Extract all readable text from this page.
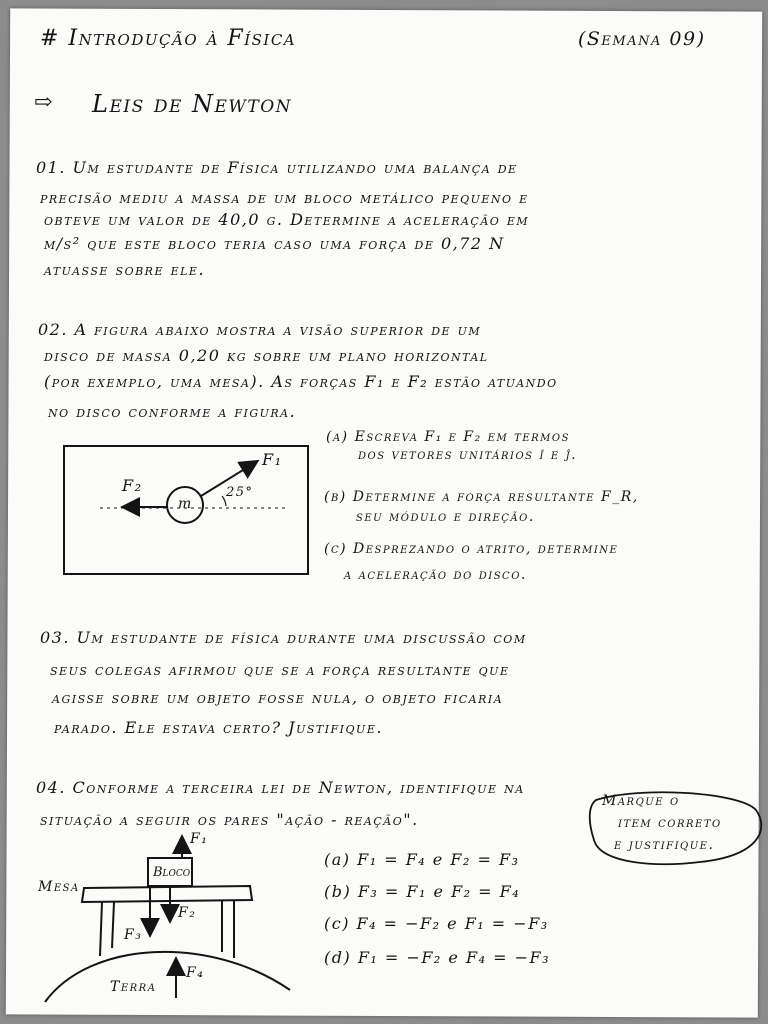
# Introdução à Física	(Semana 09)
⇨ Leis de Newton
01. Um estudante de Física utilizando uma balança de
precisão mediu a massa de um bloco metálico pequeno e
obteve um valor de 40,0 g. Determine a aceleração em
m/s² que este bloco teria caso uma força de 0,72 N
atuasse sobre ele.
02. A figura abaixo mostra a visão superior de um
disco de massa 0,20 kg sobre um plano horizontal
(por exemplo, uma mesa). As forças F₁ e F₂ estão atuando
no disco conforme a figura.
(a) Escreva F₁ e F₂ em termos
dos vetores unitários î e ĵ.
(b) Determine a força resultante F_R,
seu módulo e direção.
(c) Desprezando o atrito, determine
a aceleração do disco.
F₁
F₂
m
25°
03. Um estudante de física durante uma discussão com
seus colegas afirmou que se a força resultante que
agisse sobre um objeto fosse nula, o objeto ficaria
parado. Ele estava certo? Justifique.
04. Conforme a terceira lei de Newton, identifique na
situação a seguir os pares "ação - reação".
Marque o
item correto
e justifique.
(a) F₁ = F₄ e F₂ = F₃
(b) F₃ = F₁ e F₂ = F₄
(c) F₄ = −F₂ e F₁ = −F₃
(d) F₁ = −F₂ e F₄ = −F₃
Bloco
Mesa
Terra
F₁
F₂
F₃
F₄
